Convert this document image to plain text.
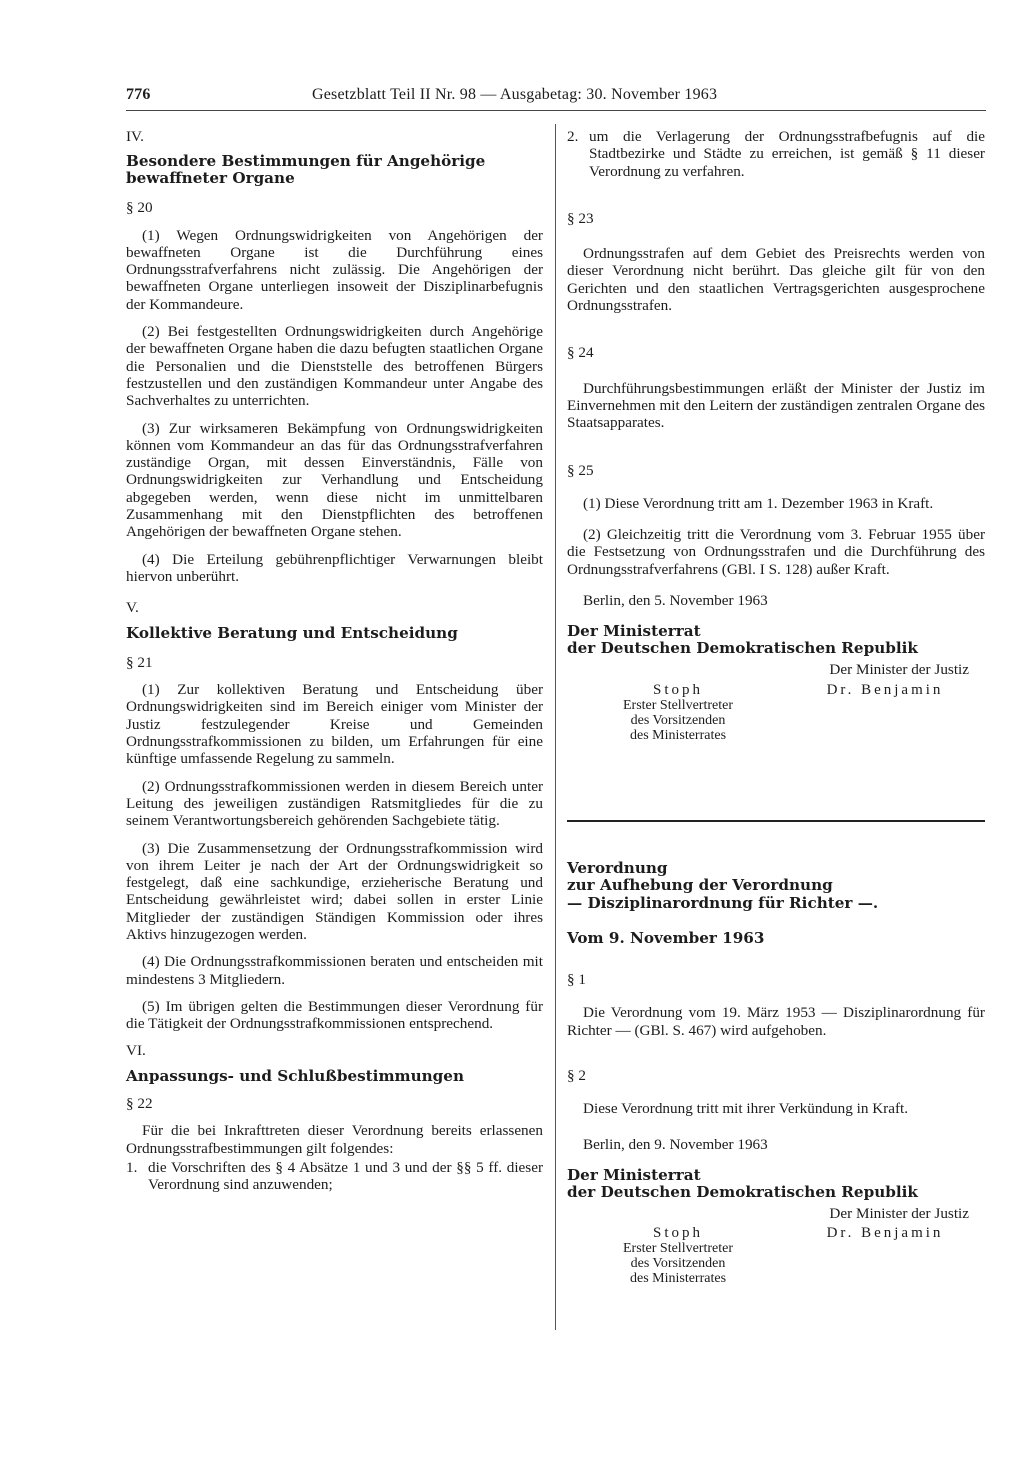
776	Gesetzblatt Teil II Nr. 98 — Ausgabetag: 30. November 1963

IV.

Besondere Bestimmungen für Angehörige

bewaffneter Organe

§ 20

(1) Wegen Ordnungswidrigkeiten von Angehörigen der bewaffneten Organe ist die Durchführung eines Ordnungsstrafverfahrens nicht zulässig. Die Angehörigen der bewaffneten Organe unterliegen insoweit der Disziplinarbefugnis der Kommandeure.

(2) Bei festgestellten Ordnungswidrigkeiten durch Angehörige der bewaffneten Organe haben die dazu befugten staatlichen Organe die Personalien und die Dienststelle des betroffenen Bürgers festzustellen und den zuständigen Kommandeur unter Angabe des Sachverhaltes zu unterrichten.

(3) Zur wirksameren Bekämpfung von Ordnungswidrigkeiten können vom Kommandeur an das für das Ordnungsstrafverfahren zuständige Organ, mit dessen Einverständnis, Fälle von Ordnungswidrigkeiten zur Verhandlung und Entscheidung abgegeben werden, wenn diese nicht im unmittelbaren Zusammenhang mit den Dienstpflichten des betroffenen Angehörigen der bewaffneten Organe stehen.

(4) Die Erteilung gebührenpflichtiger Verwarnungen bleibt hiervon unberührt.

V.

Kollektive Beratung und Entscheidung

§ 21

(1) Zur kollektiven Beratung und Entscheidung über Ordnungswidrigkeiten sind im Bereich einiger vom Minister der Justiz festzulegender Kreise und Gemeinden Ordnungsstrafkommissionen zu bilden, um Erfahrungen für eine künftige umfassende Regelung zu sammeln.

(2) Ordnungsstrafkommissionen werden in diesem Bereich unter Leitung des jeweiligen zuständigen Ratsmitgliedes für die zu seinem Verantwortungsbereich gehörenden Sachgebiete tätig.

(3) Die Zusammensetzung der Ordnungsstrafkommission wird von ihrem Leiter je nach der Art der Ordnungswidrigkeit so festgelegt, daß eine sachkundige, erzieherische Beratung und Entscheidung gewährleistet wird; dabei sollen in erster Linie Mitglieder der zuständigen Ständigen Kommission oder ihres Aktivs hinzugezogen werden.

(4) Die Ordnungsstrafkommissionen beraten und entscheiden mit mindestens 3 Mitgliedern.

(5) Im übrigen gelten die Bestimmungen dieser Verordnung für die Tätigkeit der Ordnungsstrafkommissionen entsprechend.

VI.

Anpassungs- und Schlußbestimmungen

§ 22

Für die bei Inkrafttreten dieser Verordnung bereits erlassenen Ordnungsstrafbestimmungen gilt folgendes:

1. die Vorschriften des § 4 Absätze 1 und 3 und der §§ 5 ff. dieser Verordnung sind anzuwenden;

2. um die Verlagerung der Ordnungsstrafbefugnis auf die Stadtbezirke und Städte zu erreichen, ist gemäß § 11 dieser Verordnung zu verfahren.

§ 23

Ordnungsstrafen auf dem Gebiet des Preisrechts werden von dieser Verordnung nicht berührt. Das gleiche gilt für von den Gerichten und den staatlichen Vertragsgerichten ausgesprochene Ordnungsstrafen.

§ 24

Durchführungsbestimmungen erläßt der Minister der Justiz im Einvernehmen mit den Leitern der zuständigen zentralen Organe des Staatsapparates.

§ 25

(1) Diese Verordnung tritt am 1. Dezember 1963 in Kraft.

(2) Gleichzeitig tritt die Verordnung vom 3. Februar 1955 über die Festsetzung von Ordnungsstrafen und die Durchführung des Ordnungsstrafverfahrens (GBl. I S. 128) außer Kraft.

Berlin, den 5. November 1963

Der Ministerrat

der Deutschen Demokratischen Republik

Der Minister der Justiz

Stoph
Erster Stellvertreter
des Vorsitzenden
des Ministerrates
Dr. Benjamin

Verordnung

zur Aufhebung der Verordnung

— Disziplinarordnung für Richter —.

Vom 9. November 1963

§ 1

Die Verordnung vom 19. März 1953 — Disziplinarordnung für Richter — (GBl. S. 467) wird aufgehoben.

§ 2

Diese Verordnung tritt mit ihrer Verkündung in Kraft.

Berlin, den 9. November 1963

Der Ministerrat

der Deutschen Demokratischen Republik

Der Minister der Justiz

Stoph
Erster Stellvertreter
des Vorsitzenden
des Ministerrates
Dr. Benjamin
